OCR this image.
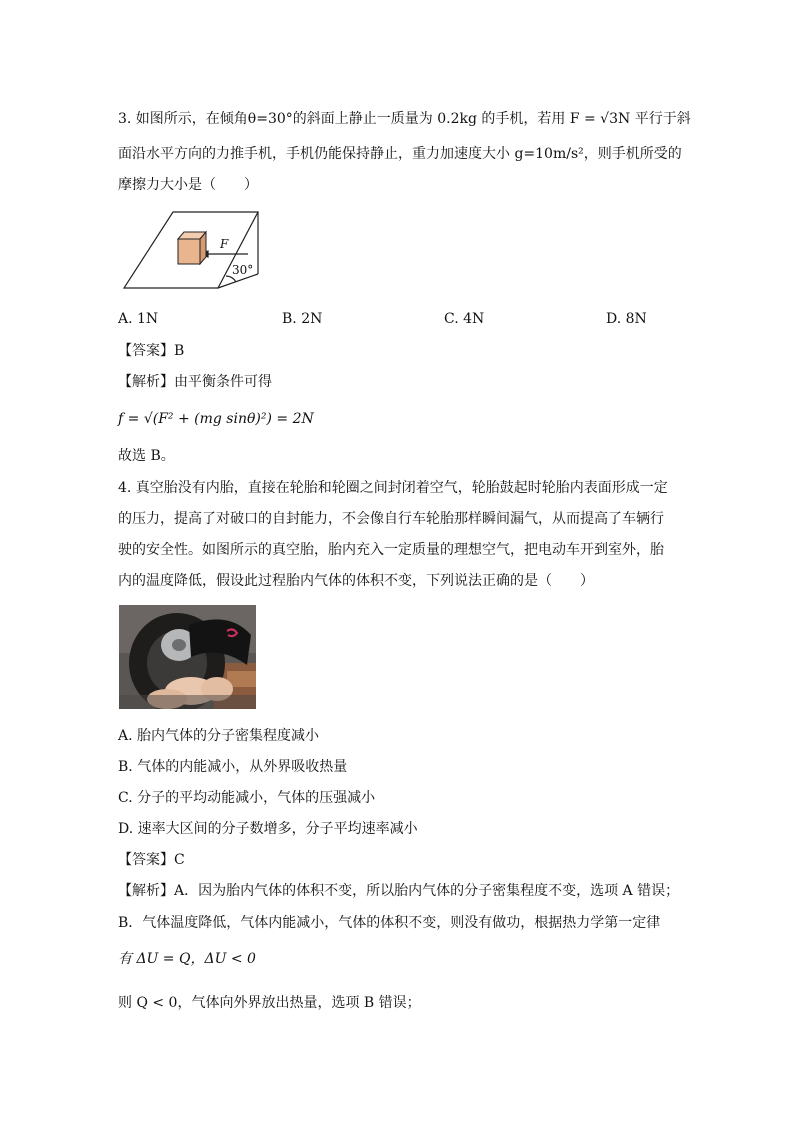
3. 如图所示，在倾角θ=30°的斜面上静止一质量为 0.2kg 的手机，若用 F = √3N 平行于斜
面沿水平方向的力推手机，手机仍能保持静止，重力加速度大小 g=10m/s²，则手机所受的
摩擦力大小是（　　）
F
30°
A. 1N	B. 2N	C. 4N	D. 8N
【答案】B
【解析】由平衡条件可得
f = √(F² + (mg sinθ)²) = 2N
故选 B。
4. 真空胎没有内胎，直接在轮胎和轮圈之间封闭着空气，轮胎鼓起时轮胎内表面形成一定
的压力，提高了对破口的自封能力，不会像自行车轮胎那样瞬间漏气，从而提高了车辆行
驶的安全性。如图所示的真空胎，胎内充入一定质量的理想空气，把电动车开到室外，胎
内的温度降低，假设此过程胎内气体的体积不变，下列说法正确的是（　　）
A. 胎内气体的分子密集程度减小
B. 气体的内能减小，从外界吸收热量
C. 分子的平均动能减小，气体的压强减小
D. 速率大区间的分子数增多，分子平均速率减小
【答案】C
【解析】A．因为胎内气体的体积不变，所以胎内气体的分子密集程度不变，选项 A 错误；
B．气体温度降低，气体内能减小，气体的体积不变，则没有做功，根据热力学第一定律
有 ΔU = Q，ΔU < 0
则 Q < 0，气体向外界放出热量，选项 B 错误；
